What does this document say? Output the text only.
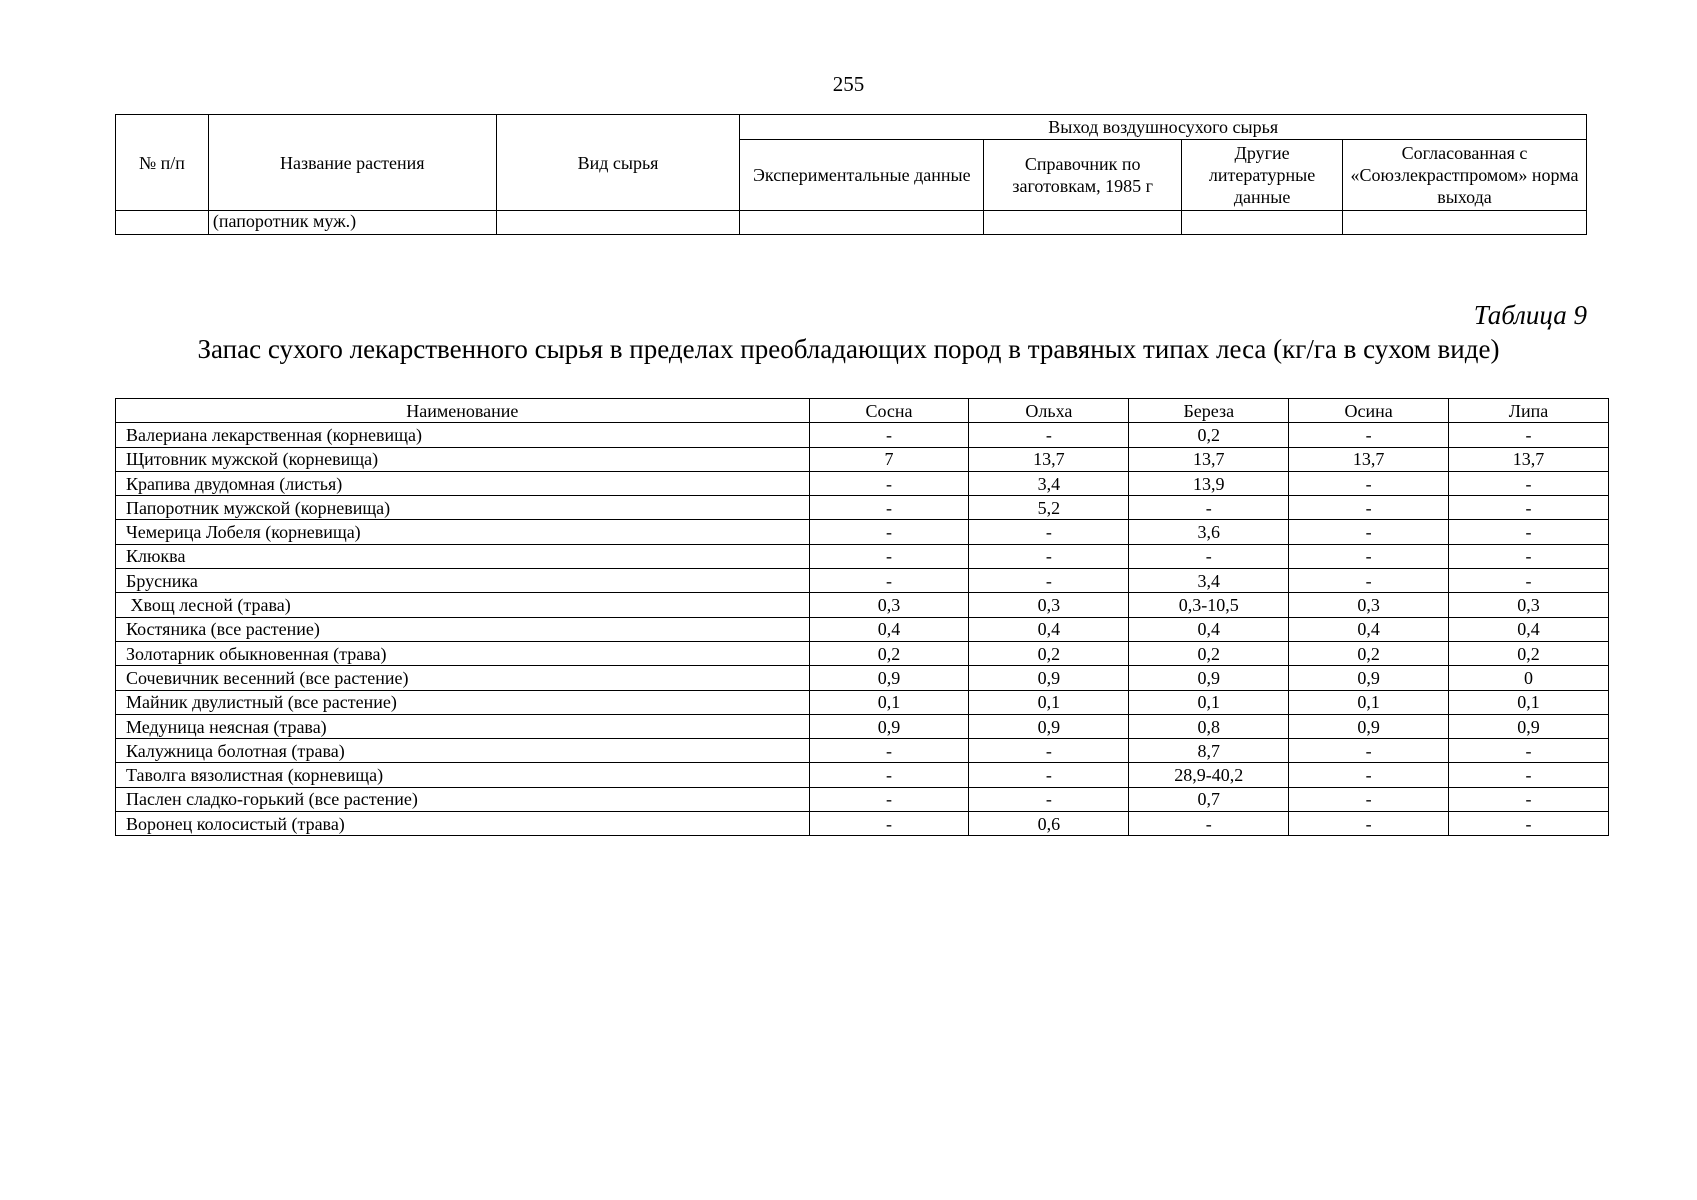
255
№ п/п	Название растения	Вид сырья	Выход воздушносухого сырья			
			Экспериментальные данные	Справочник по заготовкам, 1985 г	Другие литературные данные	Согласованная с «Союзлекрастпромом» норма выхода
	(папоротник муж.)					
Таблица 9
Запас сухого лекарственного сырья в пределах преобладающих пород в травяных типах леса (кг/га в сухом виде)
Наименование	Сосна	Ольха	Береза	Осина	Липа
Валериана лекарственная (корневища)	-	-	0,2	-	-
Щитовник мужской (корневища)	7	13,7	13,7	13,7	13,7
Крапива двудомная (листья)	-	3,4	13,9	-	-
Папоротник мужской (корневища)	-	5,2	-	-	-
Чемерица Лобеля (корневища)	-	-	3,6	-	-
Клюква	-	-	-	-	-
Брусника	-	-	3,4	-	-
Хвощ лесной (трава)	0,3	0,3	0,3-10,5	0,3	0,3
Костяника (все растение)	0,4	0,4	0,4	0,4	0,4
Золотарник обыкновенная (трава)	0,2	0,2	0,2	0,2	0,2
Сочевичник весенний (все растение)	0,9	0,9	0,9	0,9	0
Майник двулистный (все растение)	0,1	0,1	0,1	0,1	0,1
Медуница неясная (трава)	0,9	0,9	0,8	0,9	0,9
Калужница болотная (трава)	-	-	8,7	-	-
Таволга вязолистная (корневища)	-	-	28,9-40,2	-	-
Паслен сладко-горький (все растение)	-	-	0,7	-	-
Воронец колосистый (трава)	-	0,6	-	-	-
